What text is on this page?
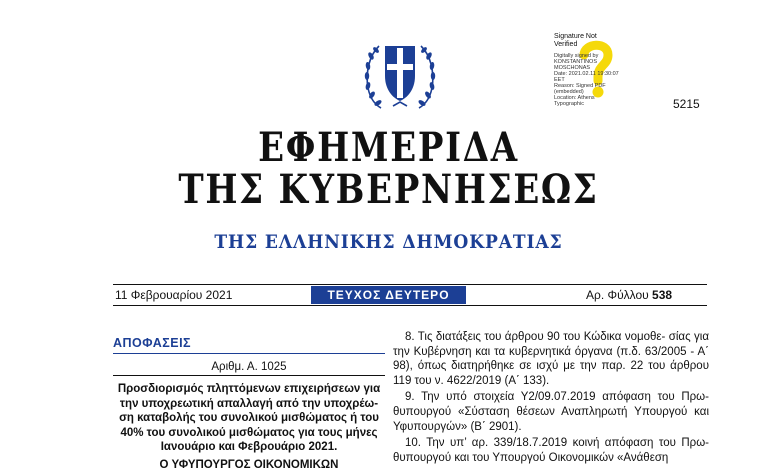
Signature Not
Verified
Digitally signed by
KONSTANTINOS
MOSCHONAS
Date: 2021.02.11 19:30:07
EET
Reason: Signed PDF
(embedded)
Location: Athens
Typographic	5215
ΕΦΗΜΕΡΙΔΑ
ΤΗΣ ΚΥΒΕΡΝΗΣΕΩΣ
ΤΗΣ ΕΛΛΗΝΙΚΗΣ ΔΗΜΟΚΡΑΤΙΑΣ
11 Φεβρουαρίου 2021	ΤΕΥΧΟΣ ΔΕΥΤΕΡΟ	Αρ. Φύλλου 538
ΑΠΟΦΑΣΕΙΣ
Αριθμ. Α. 1025
Προσδιορισμός πληττόμενων επιχειρήσεων για
την υποχρεωτική απαλλαγή από την υποχρέω-
ση καταβολής του συνολικού μισθώματος ή του
40% του συνολικού μισθώματος για τους μήνες
Ιανουάριο και Φεβρουάριο 2021.
Ο ΥΦΥΠΟΥΡΓΟΣ ΟΙΚΟΝΟΜΙΚΩΝ

8. Τις διατάξεις του άρθρου 90 του Κώδικα νομοθε- σίας για την Κυβέρνηση και τα κυβερνητικά όργανα (π.δ. 63/2005 - Α΄ 98), όπως διατηρήθηκε σε ισχύ με την παρ. 22 του άρθρου 119 του ν. 4622/2019 (Α΄ 133).

9. Την υπό στοιχεία Υ2/09.07.2019 απόφαση του Πρω- θυπουργού «Σύσταση θέσεων Αναπληρωτή Υπουργού και Υφυπουργών» (Β΄ 2901).

10. Την υπ’ αρ. 339/18.7.2019 κοινή απόφαση του Πρω- θυπουργού και του Υπουργού Οικονομικών «Ανάθεση
